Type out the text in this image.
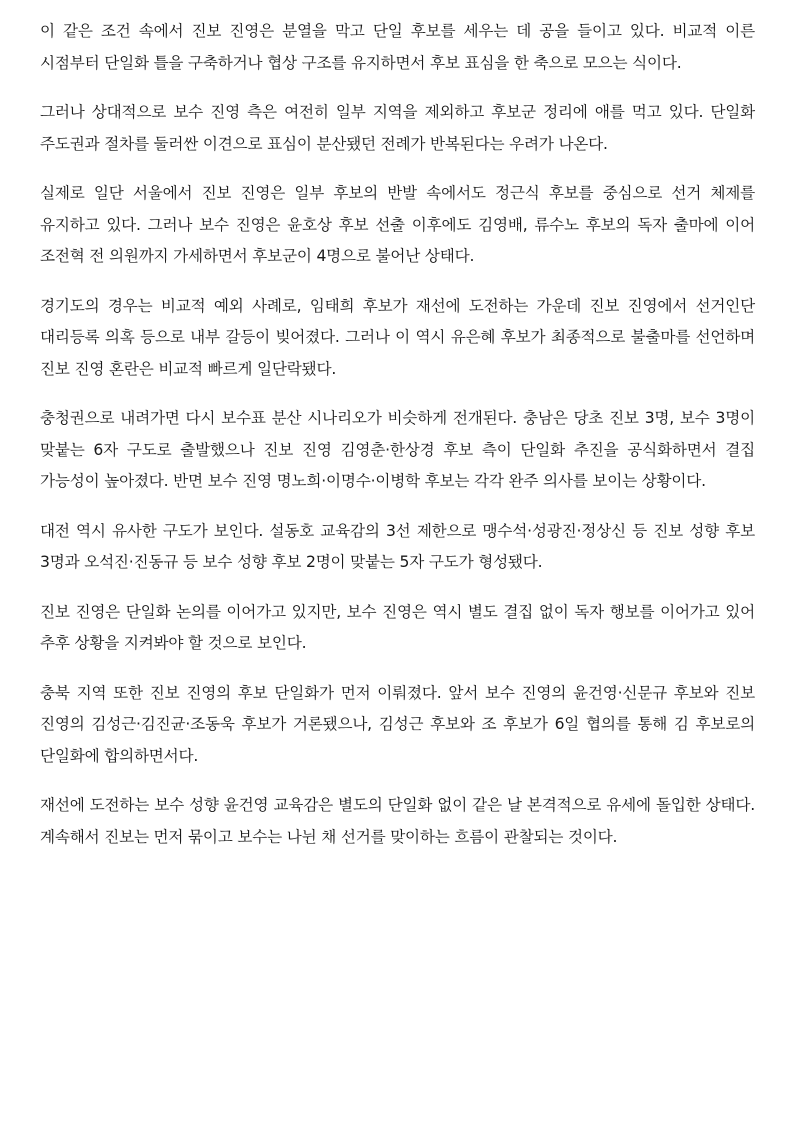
이 같은 조건 속에서 진보 진영은 분열을 막고 단일 후보를 세우는 데 공을 들이고 있다. 비교적 이른 시점부터 단일화 틀을 구축하거나 협상 구조를 유지하면서 후보 표심을 한 축으로 모으는 식이다.

그러나 상대적으로 보수 진영 측은 여전히 일부 지역을 제외하고 후보군 정리에 애를 먹고 있다. 단일화 주도권과 절차를 둘러싼 이견으로 표심이 분산됐던 전례가 반복된다는 우려가 나온다.

실제로 일단 서울에서 진보 진영은 일부 후보의 반발 속에서도 정근식 후보를 중심으로 선거 체제를 유지하고 있다. 그러나 보수 진영은 윤호상 후보 선출 이후에도 김영배, 류수노 후보의 독자 출마에 이어 조전혁 전 의원까지 가세하면서 후보군이 4명으로 불어난 상태다.

경기도의 경우는 비교적 예외 사례로, 임태희 후보가 재선에 도전하는 가운데 진보 진영에서 선거인단 대리등록 의혹 등으로 내부 갈등이 빚어졌다. 그러나 이 역시 유은혜 후보가 최종적으로 불출마를 선언하며 진보 진영 혼란은 비교적 빠르게 일단락됐다.

충청권으로 내려가면 다시 보수표 분산 시나리오가 비슷하게 전개된다. 충남은 당초 진보 3명, 보수 3명이 맞붙는 6자 구도로 출발했으나 진보 진영 김영춘·한상경 후보 측이 단일화 추진을 공식화하면서 결집 가능성이 높아졌다. 반면 보수 진영 명노희·이명수·이병학 후보는 각각 완주 의사를 보이는 상황이다.

대전 역시 유사한 구도가 보인다. 설동호 교육감의 3선 제한으로 맹수석·성광진·정상신 등 진보 성향 후보 3명과 오석진·진동규 등 보수 성향 후보 2명이 맞붙는 5자 구도가 형성됐다.

진보 진영은 단일화 논의를 이어가고 있지만, 보수 진영은 역시 별도 결집 없이 독자 행보를 이어가고 있어 추후 상황을 지켜봐야 할 것으로 보인다.

충북 지역 또한 진보 진영의 후보 단일화가 먼저 이뤄졌다. 앞서 보수 진영의 윤건영·신문규 후보와 진보 진영의 김성근·김진균·조동욱 후보가 거론됐으나, 김성근 후보와 조 후보가 6일 협의를 통해 김 후보로의 단일화에 합의하면서다.

재선에 도전하는 보수 성향 윤건영 교육감은 별도의 단일화 없이 같은 날 본격적으로 유세에 돌입한 상태다. 계속해서 진보는 먼저 묶이고 보수는 나뉜 채 선거를 맞이하는 흐름이 관찰되는 것이다.
